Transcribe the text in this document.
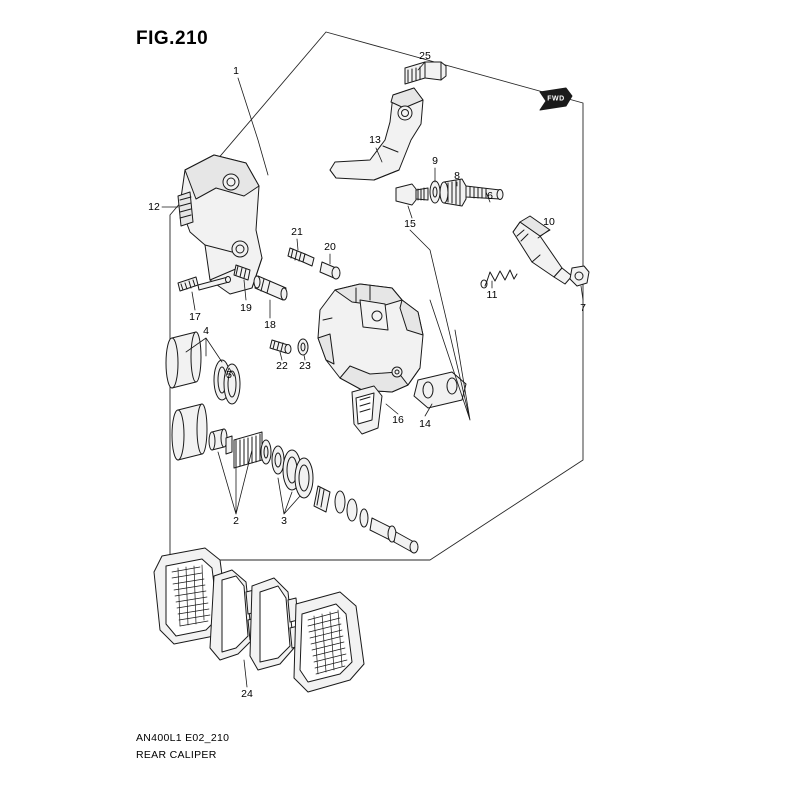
FIG.210
FWD
1
2	3
4
5
6
7
8
9
10
11
12
13
14
15
16
17
18
19
20
21
22 23
24
25
AN400L1 E02_210
REAR CALIPER
